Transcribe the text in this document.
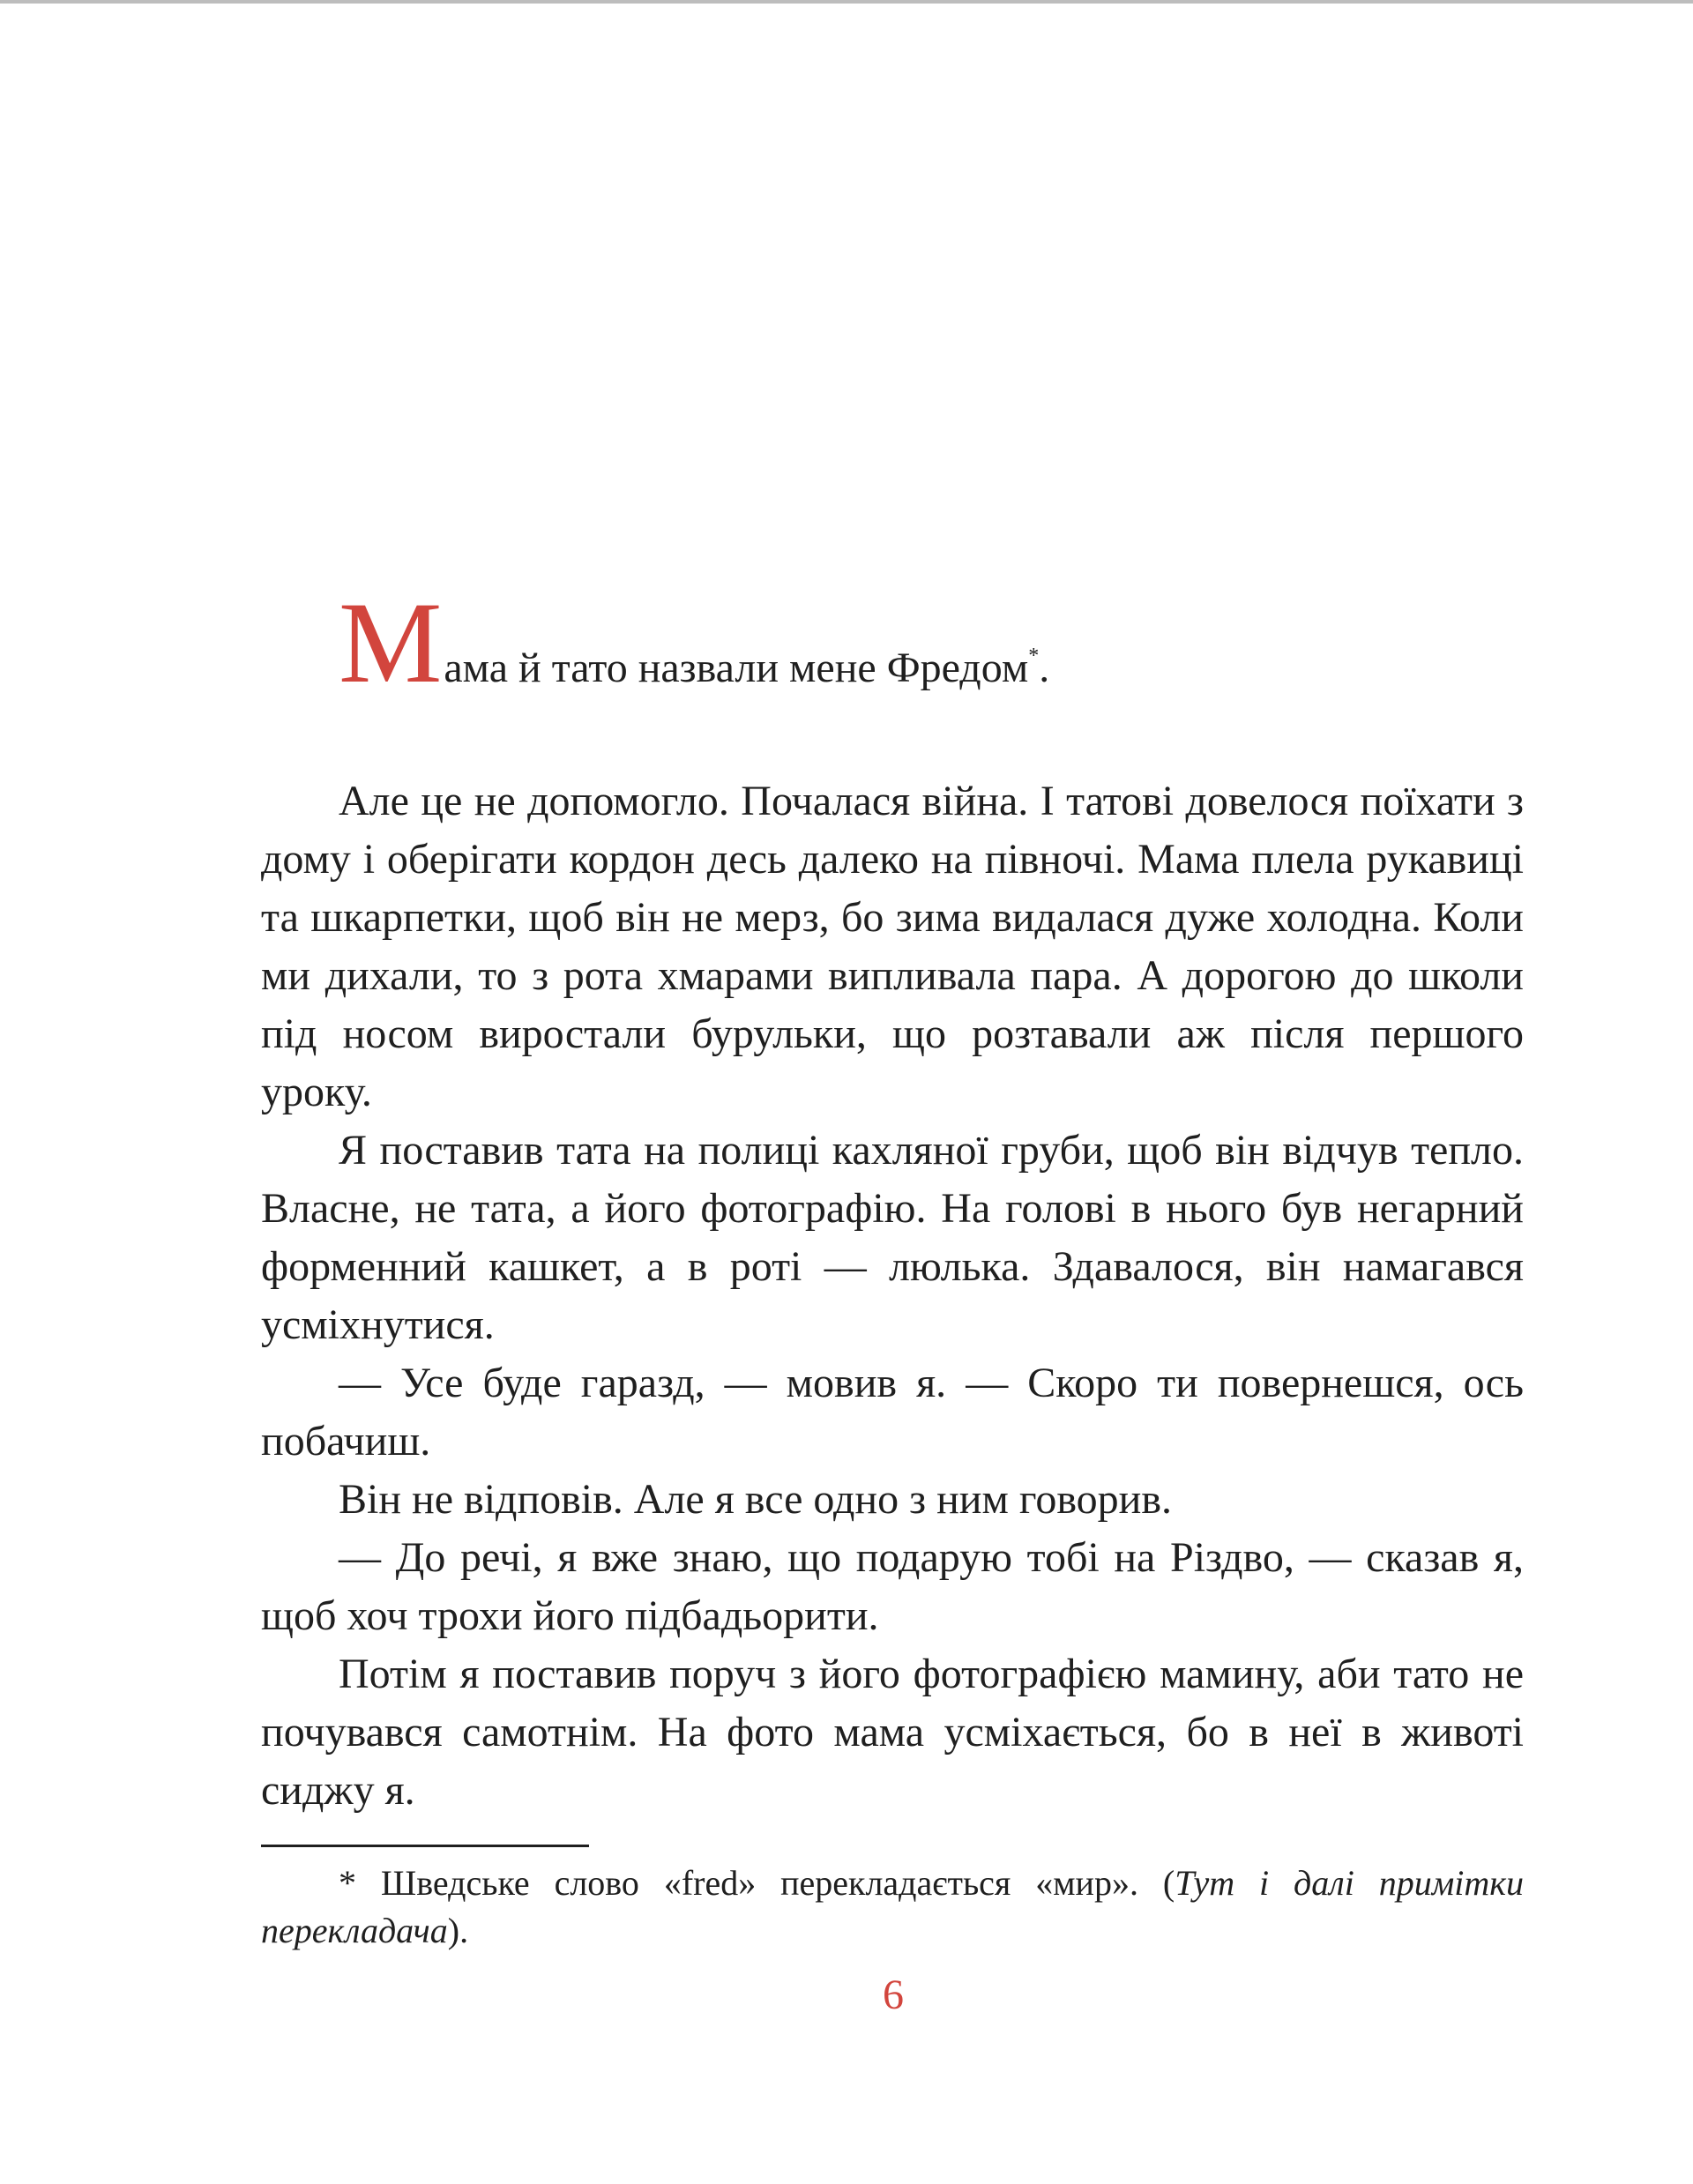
Мама й тато назвали мене Фредом*.

Але це не допомогло. Почалася війна. І татові довелося поїхати з дому і оберігати кордон десь далеко на півночі. Мама плела рукавиці та шкарпетки, щоб він не мерз, бо зима видалася дуже холодна. Коли ми дихали, то з рота хмарами випливала пара. А дорогою до школи під носом виростали бурульки, що розтавали аж після першого уроку.

Я поставив тата на полиці кахляної груби, щоб він відчув тепло. Власне, не тата, а його фотографію. На голові в нього був негарний форменний кашкет, а в роті — люлька. Здавалося, він намагався усміхнутися.

— Усе буде гаразд, — мовив я. — Скоро ти повернешся, ось побачиш.

Він не відповів. Але я все одно з ним говорив.

— До речі, я вже знаю, що подарую тобі на Різдво, — сказав я, щоб хоч трохи його підбадьорити.

Потім я поставив поруч з його фотографією мамину, аби тато не почувався самотнім. На фото мама усміхається, бо в неї в животі сиджу я.

* Шведське слово «fred» перекладається «мир». (Тут і далі примітки перекладача).

6
